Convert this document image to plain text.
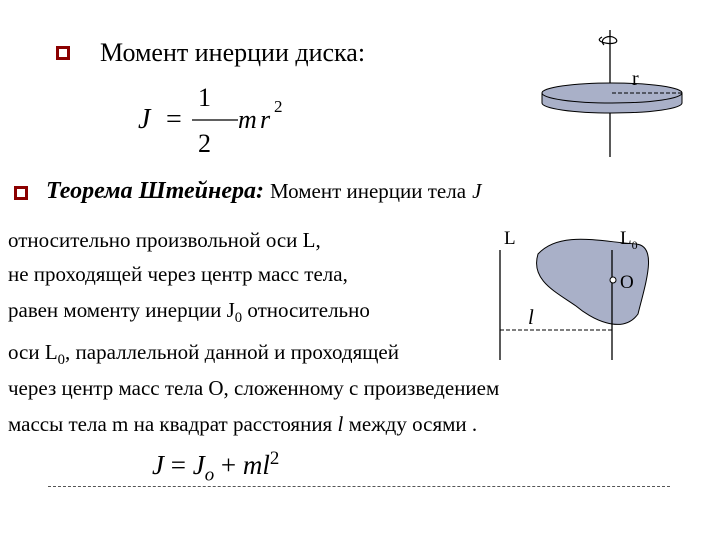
Момент инерции диска:
J =
1
2
m r 2
r
Теорема Штейнера: Момент инерции тела J
относительно произвольной оси L,
не проходящей через центр масс тела,
равен моменту инерции $J_0$ относительно
оси $L_0$, параллельной данной и проходящей
через центр масс тела О, сложенному с произведением
массы тела m на квадрат расстояния l между осями .
$J = J_o + ml^2$
L	$L_0$
O
l
